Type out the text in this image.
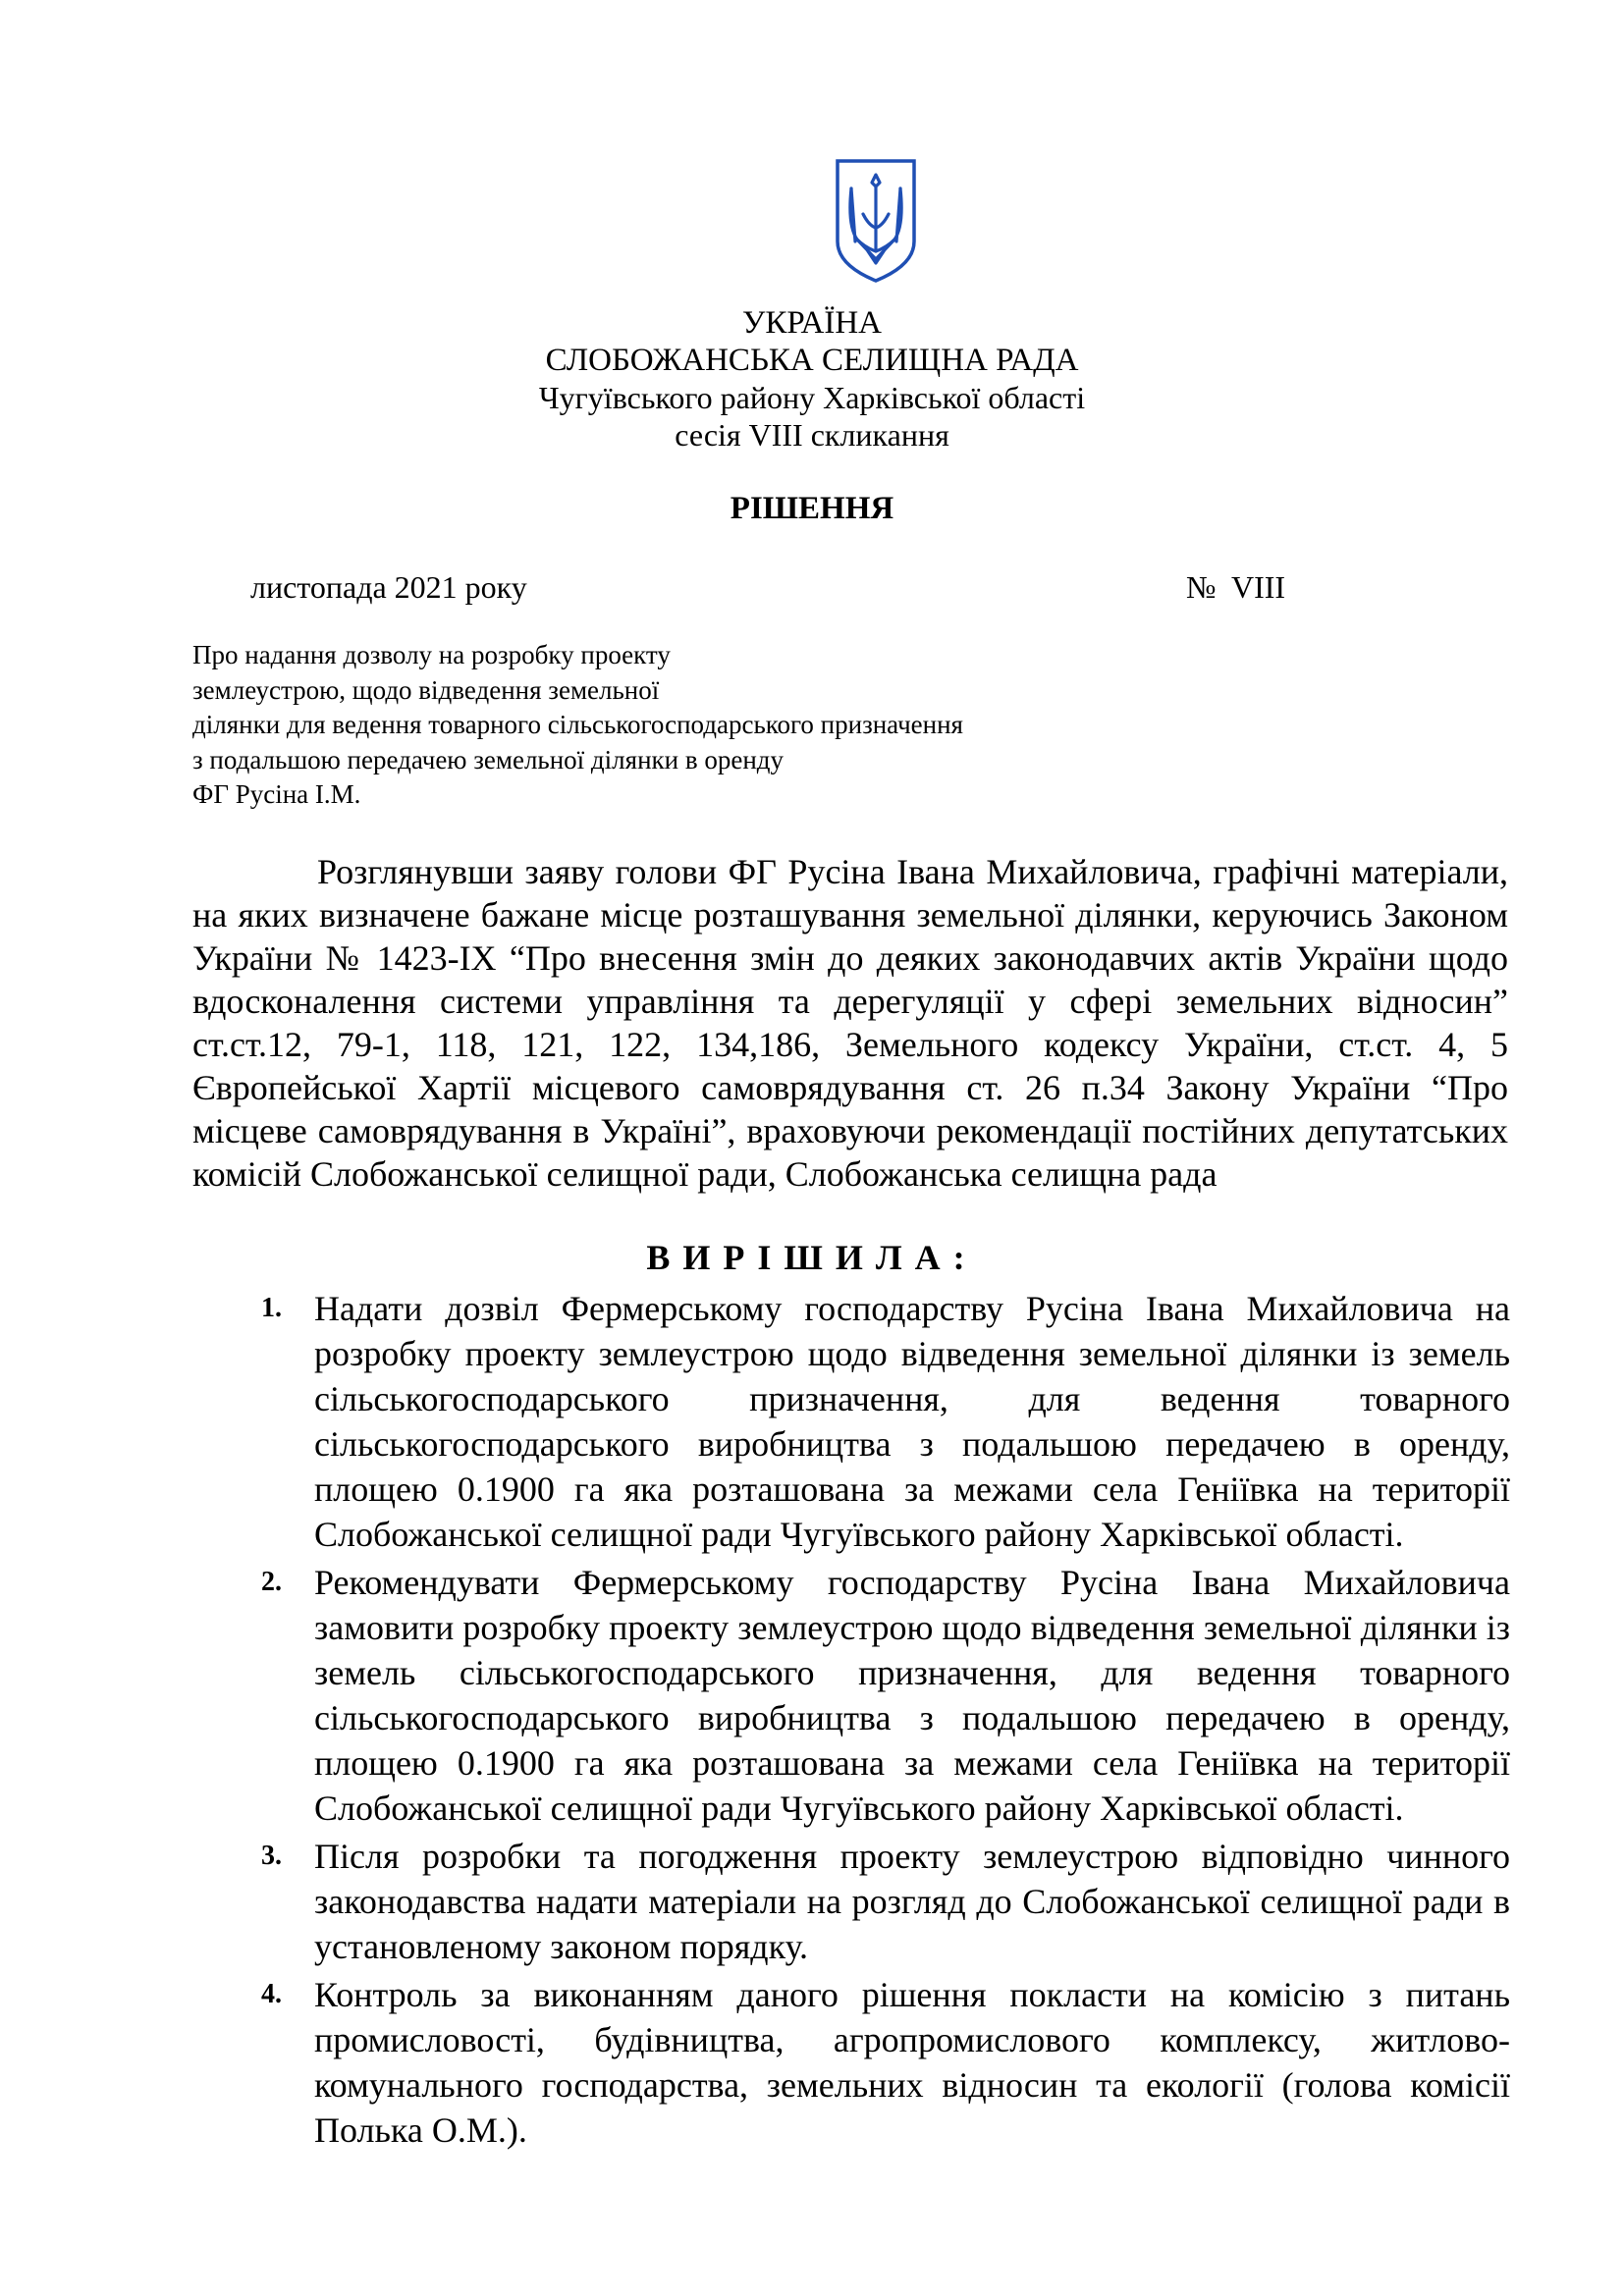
УКРАЇНА
СЛОБОЖАНСЬКА СЕЛИЩНА РАДА
Чугуївського району Харківської області
сесія VIII скликання
РІШЕННЯ
листопада 2021 року	№  VIII
Про надання дозволу на розробку проекту
землеустрою, щодо відведення земельної
ділянки для ведення товарного сільськогосподарського призначення
з подальшою передачею земельної ділянки в оренду
ФГ Русіна І.М.
Розглянувши заяву голови ФГ Русіна Івана Михайловича, графічні матеріали, на яких визначене бажане місце розташування земельної ділянки, керуючись Законом України № 1423-IX “Про внесення змін до деяких законодавчих актів України щодо вдосконалення системи управління та дерегуляції у сфері земельних відносин” ст.ст.12, 79-1, 118, 121, 122, 134,186, Земельного кодексу України, ст.ст. 4, 5 Європейської Хартії місцевого самоврядування ст. 26 п.34 Закону України “Про місцеве самоврядування в Україні”, враховуючи рекомендації постійних депутатських комісій Слобожанської селищної ради, Слобожанська селищна рада
ВИРІШИЛА:
1. Надати дозвіл Фермерському господарству Русіна Івана Михайловича на розробку проекту землеустрою щодо відведення земельної ділянки із земель сільськогосподарського призначення, для ведення товарного сільськогосподарського виробництва з подальшою передачею в оренду, площею 0.1900 га яка розташована за межами села Геніївка на території Слобожанської селищної ради Чугуївського району Харківської області.
2. Рекомендувати Фермерському господарству Русіна Івана Михайловича замовити розробку проекту землеустрою щодо відведення земельної ділянки із земель сільськогосподарського призначення, для ведення товарного сільськогосподарського виробництва з подальшою передачею в оренду, площею 0.1900 га яка розташована за межами села Геніївка на території Слобожанської селищної ради Чугуївського району Харківської області.
3. Після розробки та погодження проекту землеустрою відповідно чинного законодавства надати матеріали на розгляд до Слобожанської селищної ради в установленому законом порядку.
4. Контроль за виконанням даного рішення покласти на комісію з питань промисловості, будівництва, агропромислового комплексу, житлово-комунального господарства, земельних відносин та екології (голова комісії Полька О.М.).
